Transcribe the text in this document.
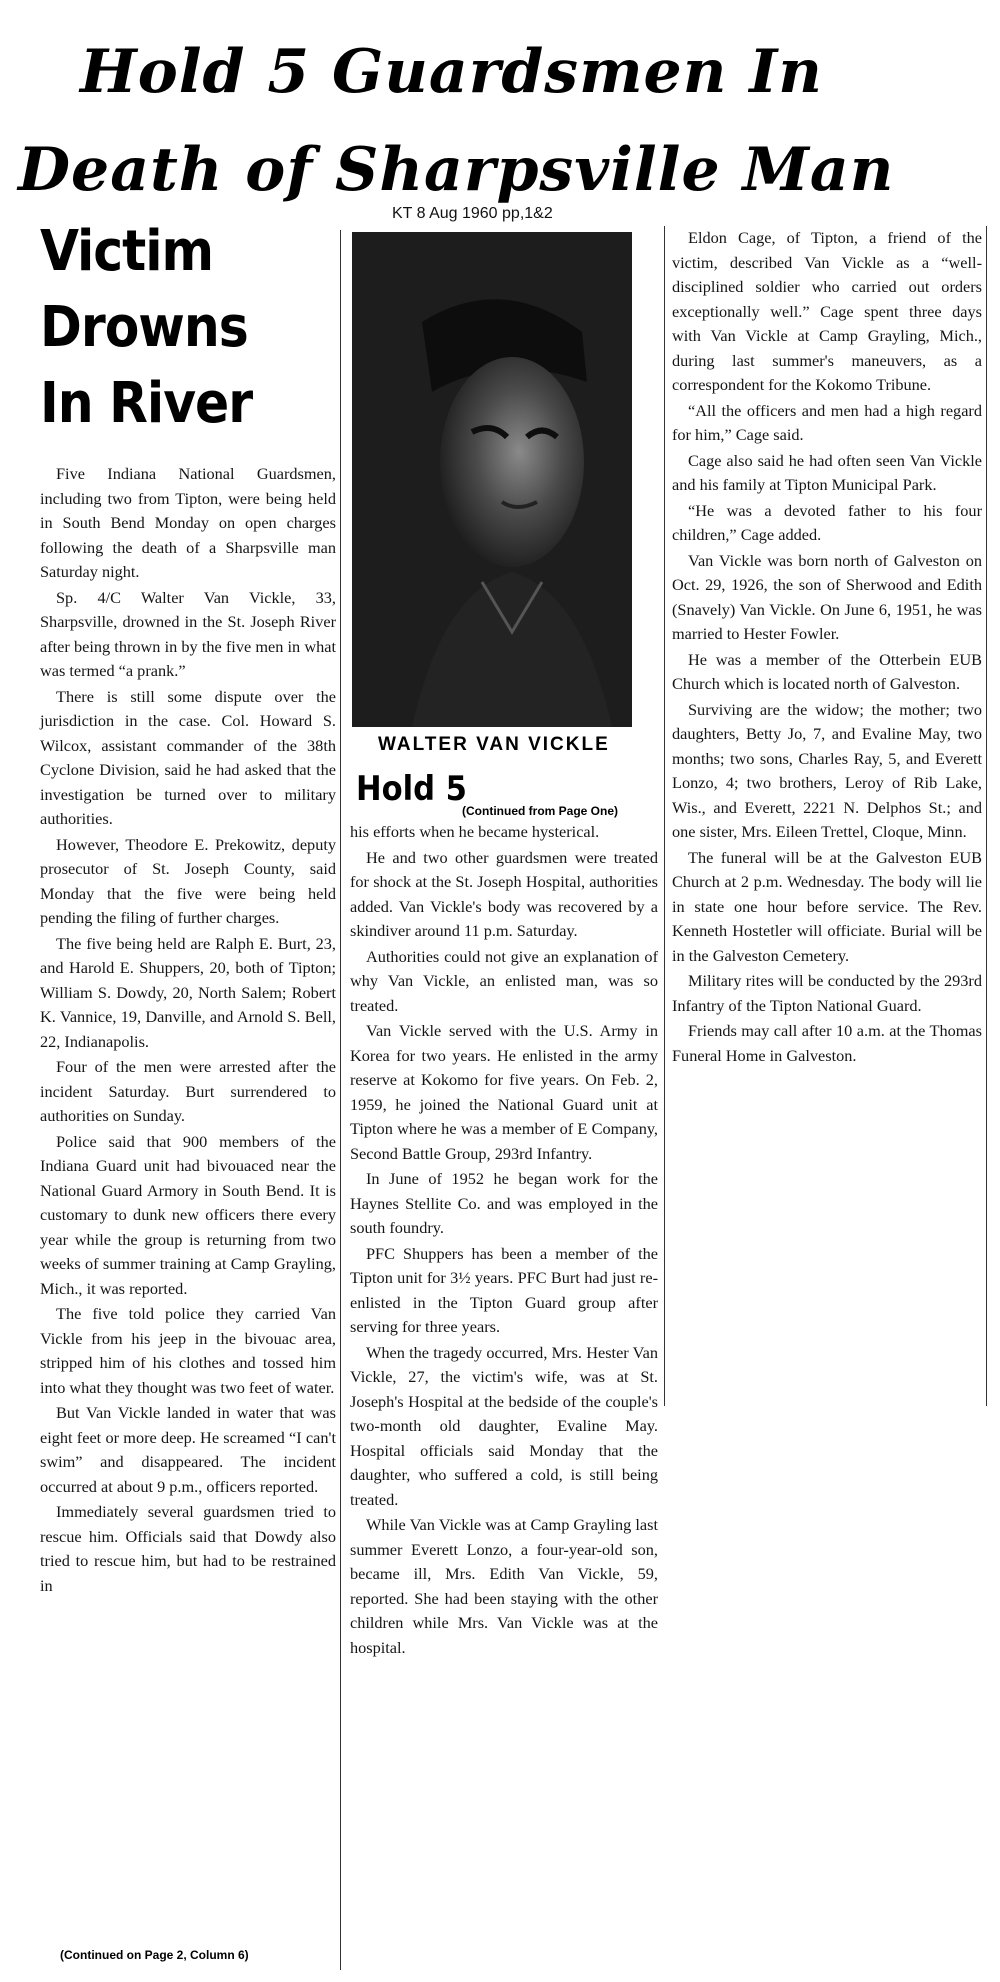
Hold 5 Guardsmen In
Death of Sharpsville Man
KT 8 Aug 1960 pp,1&2
Victim
Drowns
In River

Five Indiana National Guardsmen, including two from Tipton, were being held in South Bend Monday on open charges following the death of a Sharpsville man Saturday night.

Sp. 4/C Walter Van Vickle, 33, Sharpsville, drowned in the St. Joseph River after being thrown in by the five men in what was termed “a prank.”

There is still some dispute over the jurisdiction in the case. Col. Howard S. Wilcox, assistant commander of the 38th Cyclone Division, said he had asked that the investigation be turned over to military authorities.

However, Theodore E. Prekowitz, deputy prosecutor of St. Joseph County, said Monday that the five were being held pending the filing of further charges.

The five being held are Ralph E. Burt, 23, and Harold E. Shuppers, 20, both of Tipton; William S. Dowdy, 20, North Salem; Robert K. Vannice, 19, Danville, and Arnold S. Bell, 22, Indianapolis.

Four of the men were arrested after the incident Saturday. Burt surrendered to authorities on Sunday.

Police said that 900 members of the Indiana Guard unit had bivouaced near the National Guard Armory in South Bend. It is customary to dunk new officers there every year while the group is returning from two weeks of summer training at Camp Grayling, Mich., it was reported.

The five told police they carried Van Vickle from his jeep in the bivouac area, stripped him of his clothes and tossed him into what they thought was two feet of water.

But Van Vickle landed in water that was eight feet or more deep. He screamed “I can't swim” and disappeared. The incident occurred at about 9 p.m., officers reported.

Immediately several guardsmen tried to rescue him. Officials said that Dowdy also tried to rescue him, but had to be restrained in

(Continued on Page 2, Column 6)
WALTER VAN VICKLE
Hold 5
(Continued from Page One)

his efforts when he became hysterical.

He and two other guardsmen were treated for shock at the St. Joseph Hospital, authorities added. Van Vickle's body was recovered by a skindiver around 11 p.m. Saturday.

Authorities could not give an explanation of why Van Vickle, an enlisted man, was so treated.

Van Vickle served with the U.S. Army in Korea for two years. He enlisted in the army reserve at Kokomo for five years. On Feb. 2, 1959, he joined the National Guard unit at Tipton where he was a member of E Company, Second Battle Group, 293rd Infantry.

In June of 1952 he began work for the Haynes Stellite Co. and was employed in the south foundry.

PFC Shuppers has been a member of the Tipton unit for 3½ years. PFC Burt had just re-enlisted in the Tipton Guard group after serving for three years.

When the tragedy occurred, Mrs. Hester Van Vickle, 27, the victim's wife, was at St. Joseph's Hospital at the bedside of the couple's two-month old daughter, Evaline May. Hospital officials said Monday that the daughter, who suffered a cold, is still being treated.

While Van Vickle was at Camp Grayling last summer Everett Lonzo, a four-year-old son, became ill, Mrs. Edith Van Vickle, 59, reported. She had been staying with the other children while Mrs. Van Vickle was at the hospital.

Eldon Cage, of Tipton, a friend of the victim, described Van Vickle as a “well-disciplined soldier who carried out orders exceptionally well.” Cage spent three days with Van Vickle at Camp Grayling, Mich., during last summer's maneuvers, as a correspondent for the Kokomo Tribune.

“All the officers and men had a high regard for him,” Cage said.

Cage also said he had often seen Van Vickle and his family at Tipton Municipal Park.

“He was a devoted father to his four children,” Cage added.

Van Vickle was born north of Galveston on Oct. 29, 1926, the son of Sherwood and Edith (Snavely) Van Vickle. On June 6, 1951, he was married to Hester Fowler.

He was a member of the Otterbein EUB Church which is located north of Galveston.

Surviving are the widow; the mother; two daughters, Betty Jo, 7, and Evaline May, two months; two sons, Charles Ray, 5, and Everett Lonzo, 4; two brothers, Leroy of Rib Lake, Wis., and Everett, 2221 N. Delphos St.; and one sister, Mrs. Eileen Trettel, Cloque, Minn.

The funeral will be at the Galveston EUB Church at 2 p.m. Wednesday. The body will lie in state one hour before service. The Rev. Kenneth Hostetler will officiate. Burial will be in the Galveston Cemetery.

Military rites will be conducted by the 293rd Infantry of the Tipton National Guard.

Friends may call after 10 a.m. at the Thomas Funeral Home in Galveston.
